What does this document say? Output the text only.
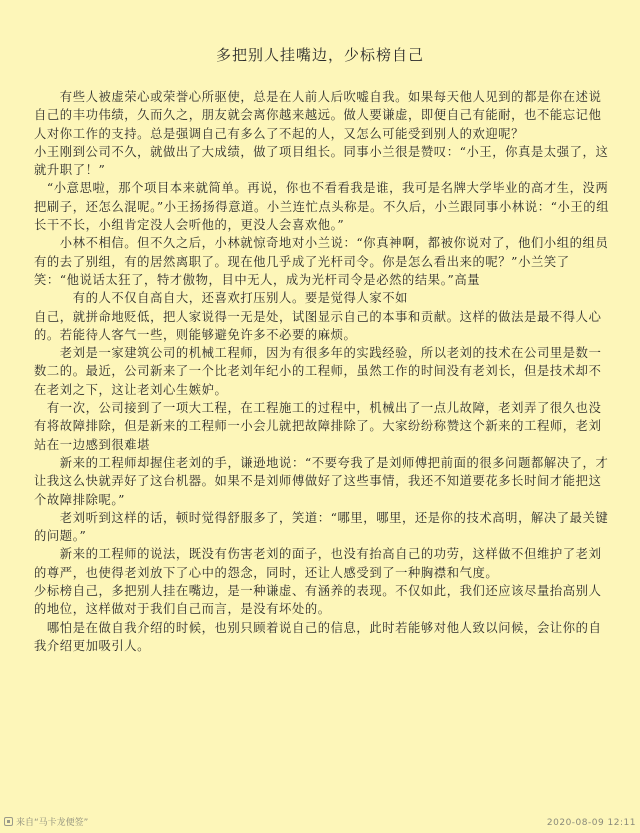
多把别人挂嘴边，少标榜自己

　　有些人被虚荣心或荣誉心所驱使，总是在人前人后吹嘘自我。如果每天他人见到的都是你在述说自己的丰功伟绩，久而久之，朋友就会离你越来越远。做人要谦虚，即便自己有能耐，也不能忘记他人对你工作的支持。总是强调自己有多么了不起的人，又怎么可能受到别人的欢迎呢？

小王刚到公司不久，就做出了大成绩，做了项目组长。同事小兰很是赞叹：“小王，你真是太强了，这就升职了！”

　“小意思啦，那个项目本来就简单。再说，你也不看看我是谁，我可是名牌大学毕业的高才生，没两把刷子，还怎么混呢。”小王扬扬得意道。小兰连忙点头称是。不久后，小兰跟同事小林说：“小王的组长干不长，小组肯定没人会听他的，更没人会喜欢他。”

　　小林不相信。但不久之后，小林就惊奇地对小兰说：“你真神啊，都被你说对了，他们小组的组员有的去了别组，有的居然离职了。现在他几乎成了光杆司令。你是怎么看出来的呢？”小兰笑了笑：“他说话太狂了，特才傲物，目中无人，成为光杆司令是必然的结果。”高量

　　　有的人不仅自高自大，还喜欢打压别人。要是觉得人家不如

自己，就拼命地贬低，把人家说得一无是处，试图显示自己的本事和贡献。这样的做法是最不得人心的。若能待人客气一些，则能够避免许多不必要的麻烦。

　　老刘是一家建筑公司的机械工程师，因为有很多年的实践经验，所以老刘的技术在公司里是数一数二的。最近，公司新来了一个比老刘年纪小的工程师，虽然工作的时间没有老刘长，但是技术却不在老刘之下，这让老刘心生嫉妒。

　有一次，公司接到了一项大工程，在工程施工的过程中，机械出了一点儿故障，老刘弄了很久也没有将故障排除，但是新来的工程师一小会儿就把故障排除了。大家纷纷称赞这个新来的工程师，老刘站在一边感到很难堪

　　新来的工程师却握住老刘的手，谦逊地说：“不要夸我了是刘师傅把前面的很多问题都解决了，才让我这么快就弄好了这台机器。如果不是刘师傅做好了这些事情，我还不知道要花多长时间才能把这个故障排除呢。”

　　老刘听到这样的话，顿时觉得舒服多了，笑道：“哪里，哪里，还是你的技术高明，解决了最关键的问题。”

　　新来的工程师的说法，既没有伤害老刘的面子，也没有抬高自己的功劳，这样做不但维护了老刘的尊严，也使得老刘放下了心中的怨念，同时，还让人感受到了一种胸襟和气度。

少标榜自己，多把别人挂在嘴边，是一种谦虚、有涵养的表现。不仅如此，我们还应该尽量抬高别人的地位，这样做对于我们自己而言，是没有坏处的。

　哪怕是在做自我介绍的时候，也别只顾着说自己的信息，此时若能够对他人致以问候，会让你的自我介绍更加吸引人。

来自“马卡龙便签”	2020-08-09 12:11
